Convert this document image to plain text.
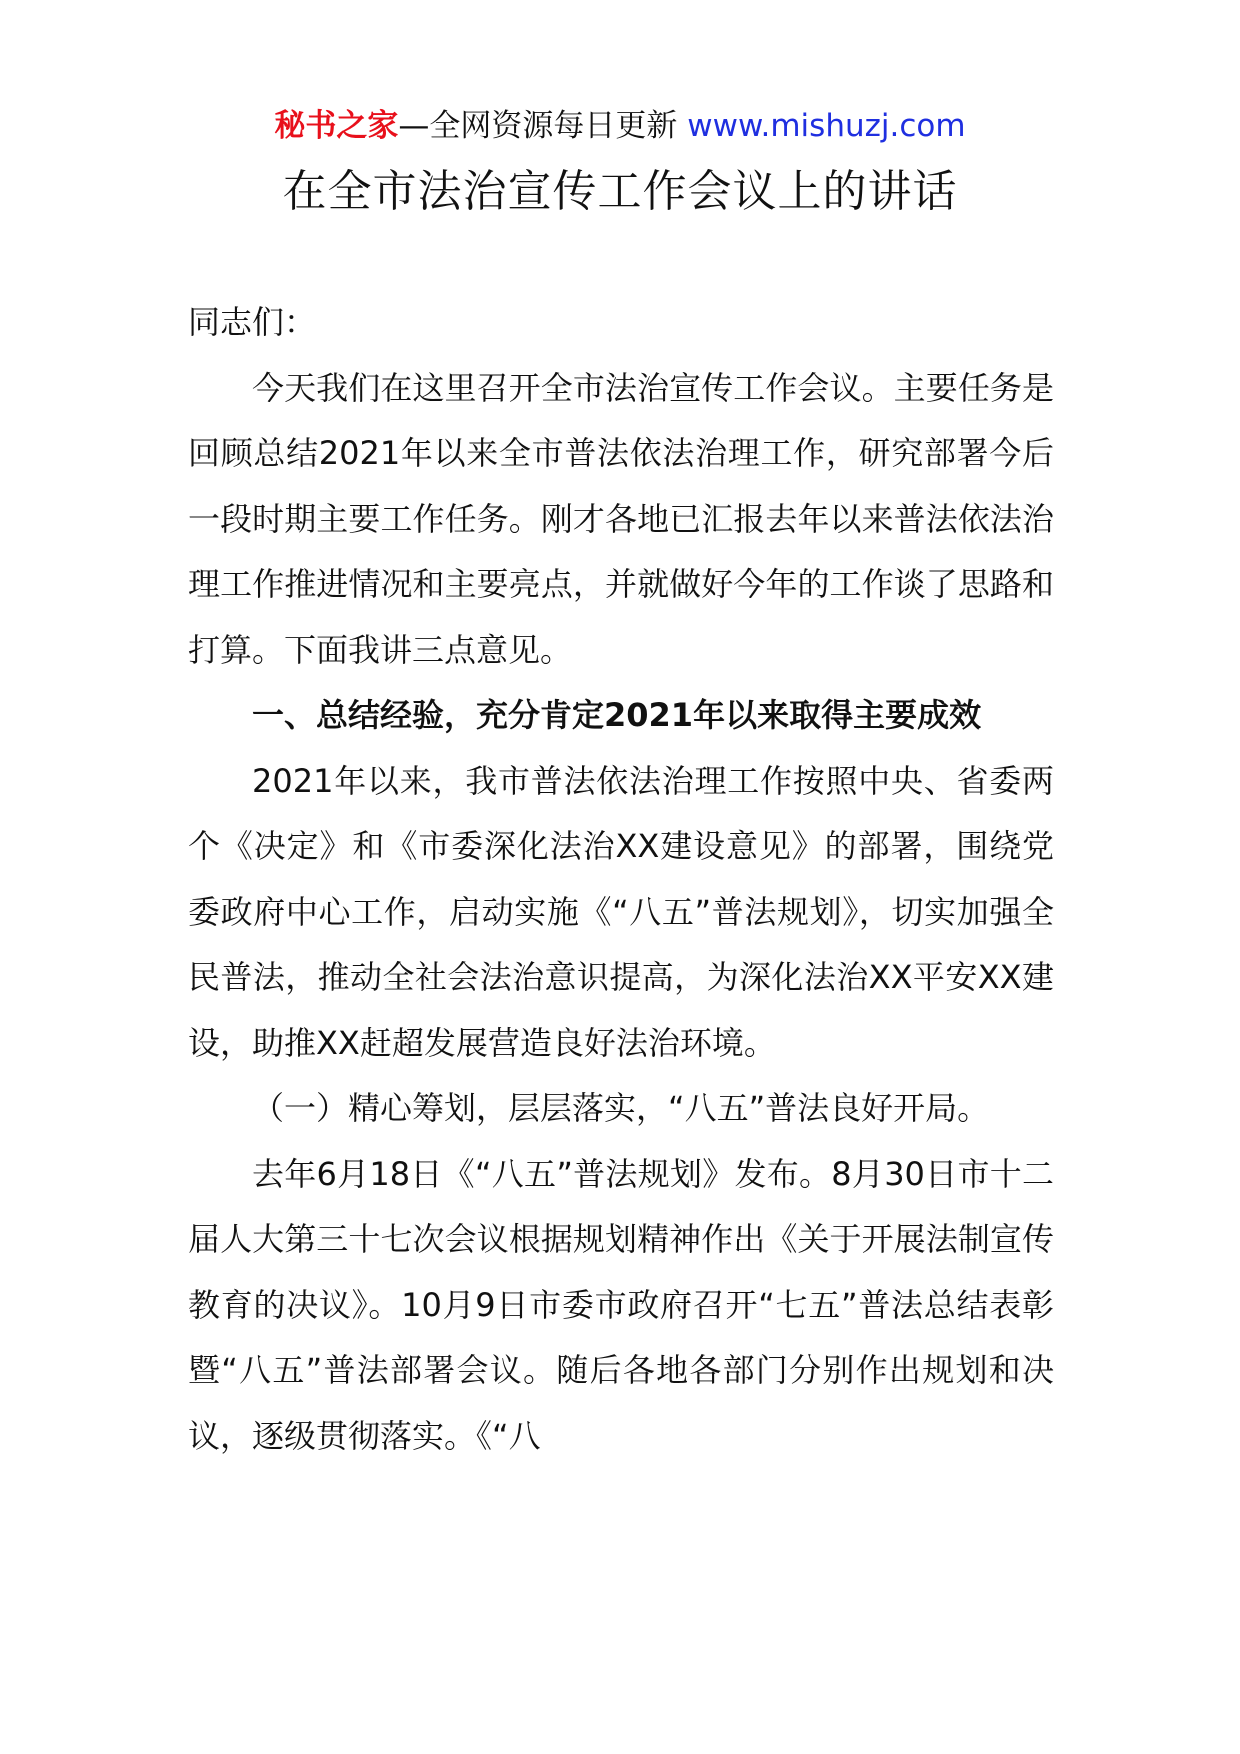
秘书之家—全网资源每日更新 www.mishuzj.com
在全市法治宣传工作会议上的讲话

同志们：

今天我们在这里召开全市法治宣传工作会议。主要任务是回顾总结2021年以来全市普法依法治理工作，研究部署今后一段时期主要工作任务。刚才各地已汇报去年以来普法依法治理工作推进情况和主要亮点，并就做好今年的工作谈了思路和打算。下面我讲三点意见。

一、总结经验，充分肯定2021年以来取得主要成效

2021年以来，我市普法依法治理工作按照中央、省委两个《决定》和《市委深化法治XX建设意见》的部署，围绕党委政府中心工作，启动实施《“八五”普法规划》，切实加强全民普法，推动全社会法治意识提高，为深化法治XX平安XX建设，助推XX赶超发展营造良好法治环境。

（一）精心筹划，层层落实，“八五”普法良好开局。

去年6月18日《“八五”普法规划》发布。8月30日市十二届人大第三十七次会议根据规划精神作出《关于开展法制宣传教育的决议》。10月9日市委市政府召开“七五”普法总结表彰暨“八五”普法部署会议。随后各地各部门分别作出规划和决议，逐级贯彻落实。《“八
